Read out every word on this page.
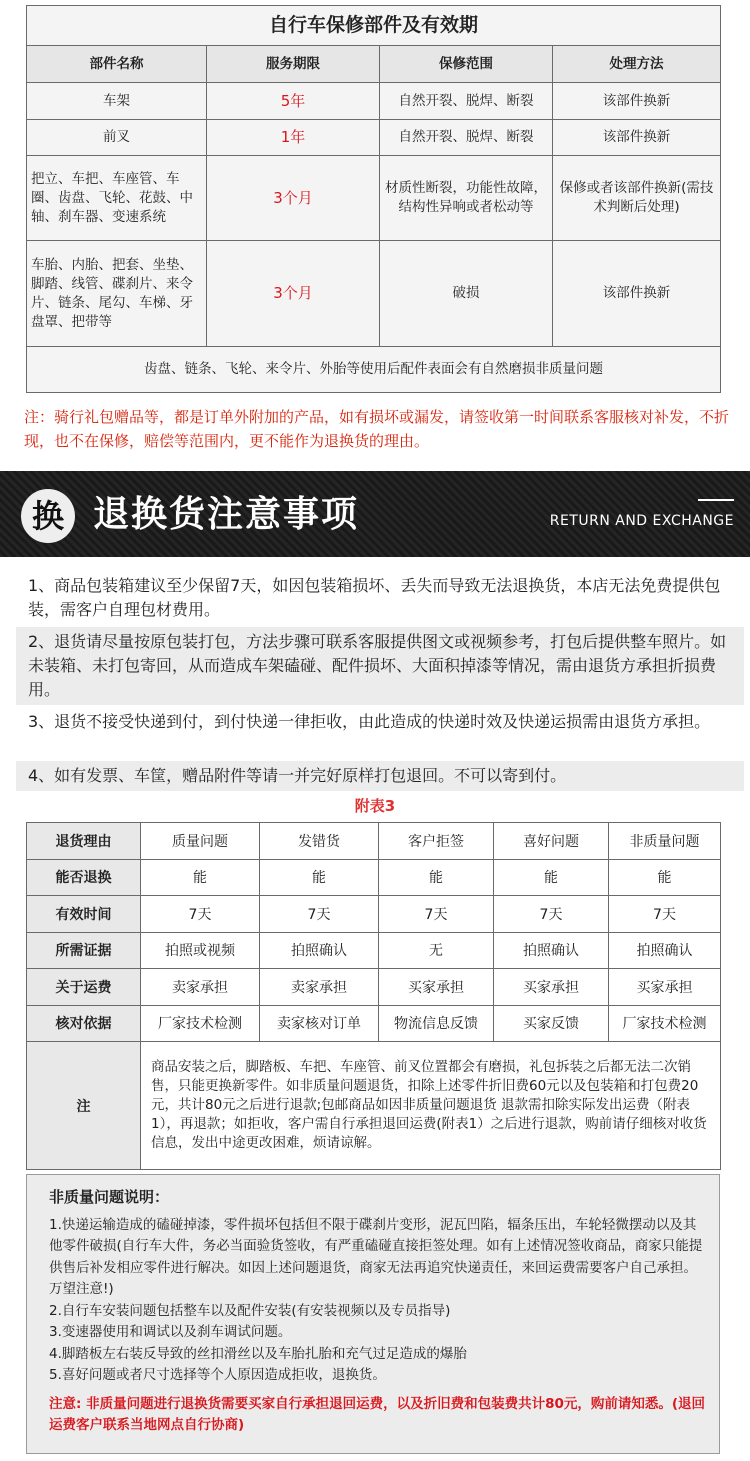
自行车保修部件及有效期			
部件名称	服务期限	保修范围	处理方法
车架	5年	自然开裂、脱焊、断裂	该部件换新
前叉	1年	自然开裂、脱焊、断裂	该部件换新
把立、车把、车座管、车圈、齿盘、飞轮、花鼓、中轴、刹车器、变速系统	3个月	材质性断裂，功能性故障，结构性异响或者松动等	保修或者该部件换新(需技术判断后处理)
车胎、内胎、把套、坐垫、脚踏、线管、碟刹片、来令片、链条、尾勾、车梯、牙盘罩、把带等	3个月	破损	该部件换新
齿盘、链条、飞轮、来令片、外胎等使用后配件表面会有自然磨损非质量问题			
注：骑行礼包赠品等，都是订单外附加的产品，如有损坏或漏发，请签收第一时间联系客服核对补发，不折现，也不在保修，赔偿等范围内，更不能作为退换货的理由。
换 退换货注意事项	RETURN AND EXCHANGE
1、商品包装箱建议至少保留7天，如因包装箱损坏、丢失而导致无法退换货，本店无法免费提供包装，需客户自理包材费用。
2、退货请尽量按原包装打包，方法步骤可联系客服提供图文或视频参考，打包后提供整车照片。如未装箱、未打包寄回，从而造成车架磕碰、配件损坏、大面积掉漆等情况，需由退货方承担折损费用。
3、退货不接受快递到付，到付快递一律拒收，由此造成的快递时效及快递运损需由退货方承担。
4、如有发票、车筐，赠品附件等请一并完好原样打包退回。不可以寄到付。
附表3
退货理由	质量问题	发错货	客户拒签	喜好问题	非质量问题
能否退换	能	能	能	能	能
有效时间	7天	7天	7天	7天	7天
所需证据	拍照或视频	拍照确认	无	拍照确认	拍照确认
关于运费	卖家承担	卖家承担	买家承担	买家承担	买家承担
核对依据	厂家技术检测	卖家核对订单	物流信息反馈	买家反馈	厂家技术检测
注	商品安装之后，脚踏板、车把、车座管、前叉位置都会有磨损，礼包拆装之后都无法二次销售，只能更换新零件。如非质量问题退货，扣除上述零件折旧费60元以及包装箱和打包费20元，共计80元之后进行退款;包邮商品如因非质量问题退货 退款需扣除实际发出运费（附表1），再退款；如拒收，客户需自行承担退回运费(附表1）之后进行退款，购前请仔细核对收货信息，发出中途更改困难，烦请谅解。				

非质量问题说明：

1.快递运输造成的磕碰掉漆，零件损坏包括但不限于碟刹片变形，泥瓦凹陷，辐条压出，车轮轻微摆动以及其他零件破损(自行车大件，务必当面验货签收，有严重磕碰直接拒签处理。如有上述情况签收商品，商家只能提供售后补发相应零件进行解决。如因上述问题退货，商家无法再追究快递责任，来回运费需要客户自己承担。万望注意!)

2.自行车安装问题包括整车以及配件安装(有安装视频以及专员指导)

3.变速器使用和调试以及刹车调试问题。

4.脚踏板左右装反导致的丝扣滑丝以及车胎扎胎和充气过足造成的爆胎

5.喜好问题或者尺寸选择等个人原因造成拒收，退换货。

注意: 非质量问题进行退换货需要买家自行承担退回运费，以及折旧费和包装费共计80元，购前请知悉。(退回运费客户联系当地网点自行协商)
